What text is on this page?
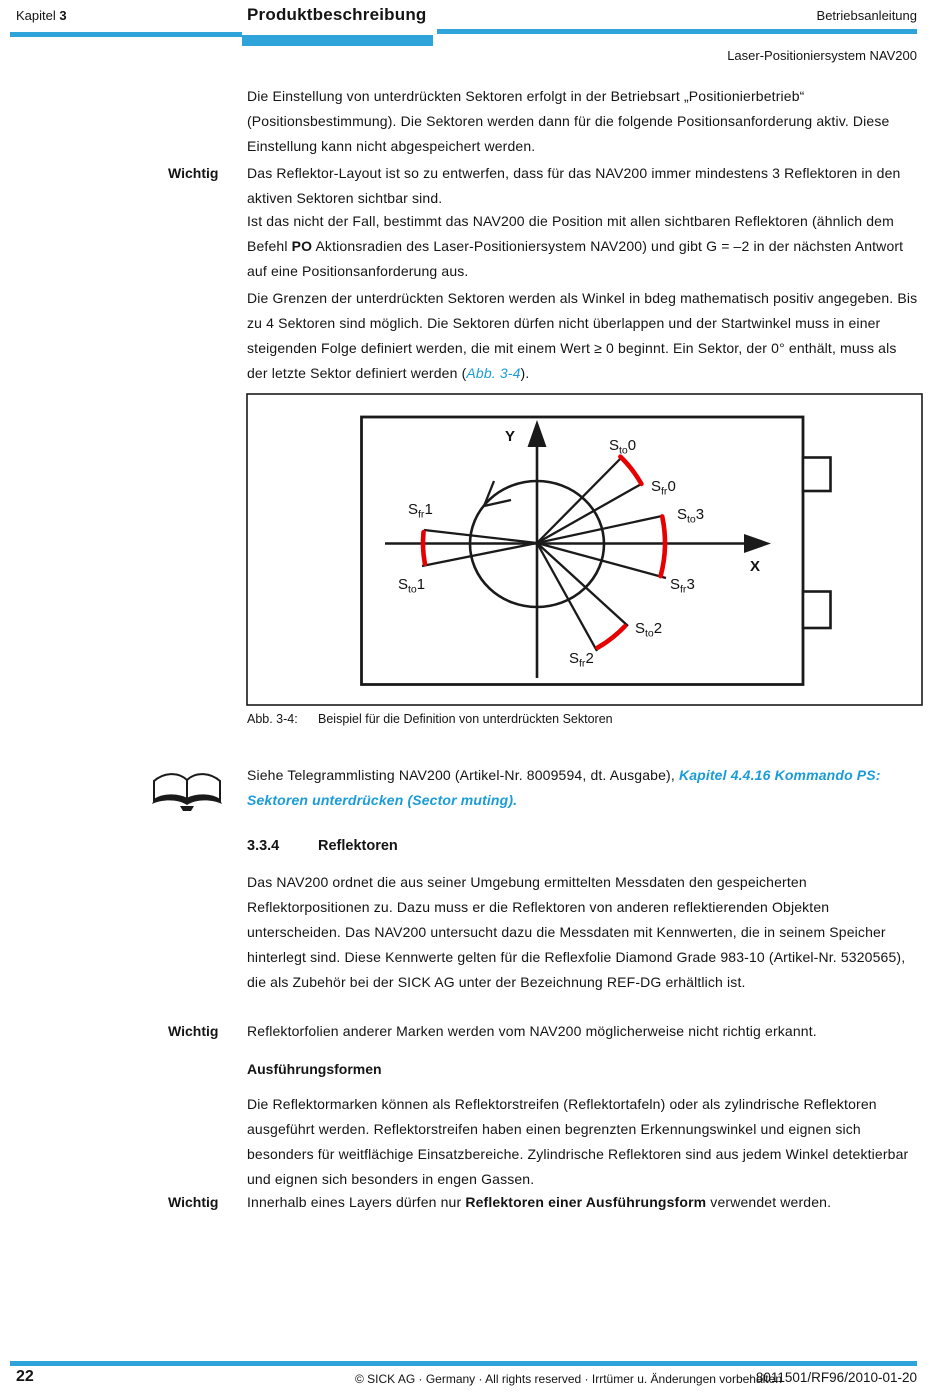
Kapitel 3	Produktbeschreibung	Betriebsanleitung
Laser-Positioniersystem NAV200

Die Einstellung von unterdrückten Sektoren erfolgt in der Betriebsart „Positionierbetrieb“ (Positionsbestimmung). Die Sektoren werden dann für die folgende Positionsanforderung aktiv. Diese Einstellung kann nicht abgespeichert werden.

Wichtig	Das Reflektor-Layout ist so zu entwerfen, dass für das NAV200 immer mindestens 3 Reflektoren in den aktiven Sektoren sichtbar sind.

Ist das nicht der Fall, bestimmt das NAV200 die Position mit allen sichtbaren Reflektoren (ähnlich dem Befehl PO Aktionsradien des Laser-Positioniersystem NAV200) und gibt G = –2 in der nächsten Antwort auf eine Positionsanforderung aus.

Die Grenzen der unterdrückten Sektoren werden als Winkel in bdeg mathematisch positiv angegeben. Bis zu 4 Sektoren sind möglich. Die Sektoren dürfen nicht überlappen und der Startwinkel muss in einer steigenden Folge definiert werden, die mit einem Wert ≥ 0 beginnt. Ein Sektor, der 0° enthält, muss als der letzte Sektor definiert werden (Abb. 3-4).

Y
X
$S_{to}0$
$S_{fr}0$
$S_{fr}1$
$S_{to}1$
$S_{to}3$
$S_{fr}3$
$S_{to}2$
$S_{fr}2$
Abb. 3-4: Beispiel für die Definition von unterdrückten Sektoren

Siehe Telegrammlisting NAV200 (Artikel-Nr. 8009594, dt. Ausgabe), Kapitel 4.4.16 Kommando PS: Sektoren unterdrücken (Sector muting).

3.3.4	Reflektoren

Das NAV200 ordnet die aus seiner Umgebung ermittelten Messdaten den gespeicherten Reflektorpositionen zu. Dazu muss er die Reflektoren von anderen reflektierenden Objekten unterscheiden. Das NAV200 untersucht dazu die Messdaten mit Kennwerten, die in seinem Speicher hinterlegt sind. Diese Kennwerte gelten für die Reflexfolie Diamond Grade 983-10 (Artikel-Nr. 5320565), die als Zubehör bei der SICK AG unter der Bezeichnung REF-DG erhältlich ist.

Wichtig	Reflektorfolien anderer Marken werden vom NAV200 möglicherweise nicht richtig erkannt.

Ausführungsformen

Die Reflektormarken können als Reflektorstreifen (Reflektortafeln) oder als zylindrische Reflektoren ausgeführt werden. Reflektorstreifen haben einen begrenzten Erkennungswinkel und eignen sich besonders für weitflächige Einsatzbereiche. Zylindrische Reflektoren sind aus jedem Winkel detektierbar und eignen sich besonders in engen Gassen.

Wichtig	Innerhalb eines Layers dürfen nur Reflektoren einer Ausführungsform verwendet werden.

22	© SICK AG · Germany · All rights reserved · Irrtümer u. Änderungen vorbehalten
8011501/RF96/2010-01-20
